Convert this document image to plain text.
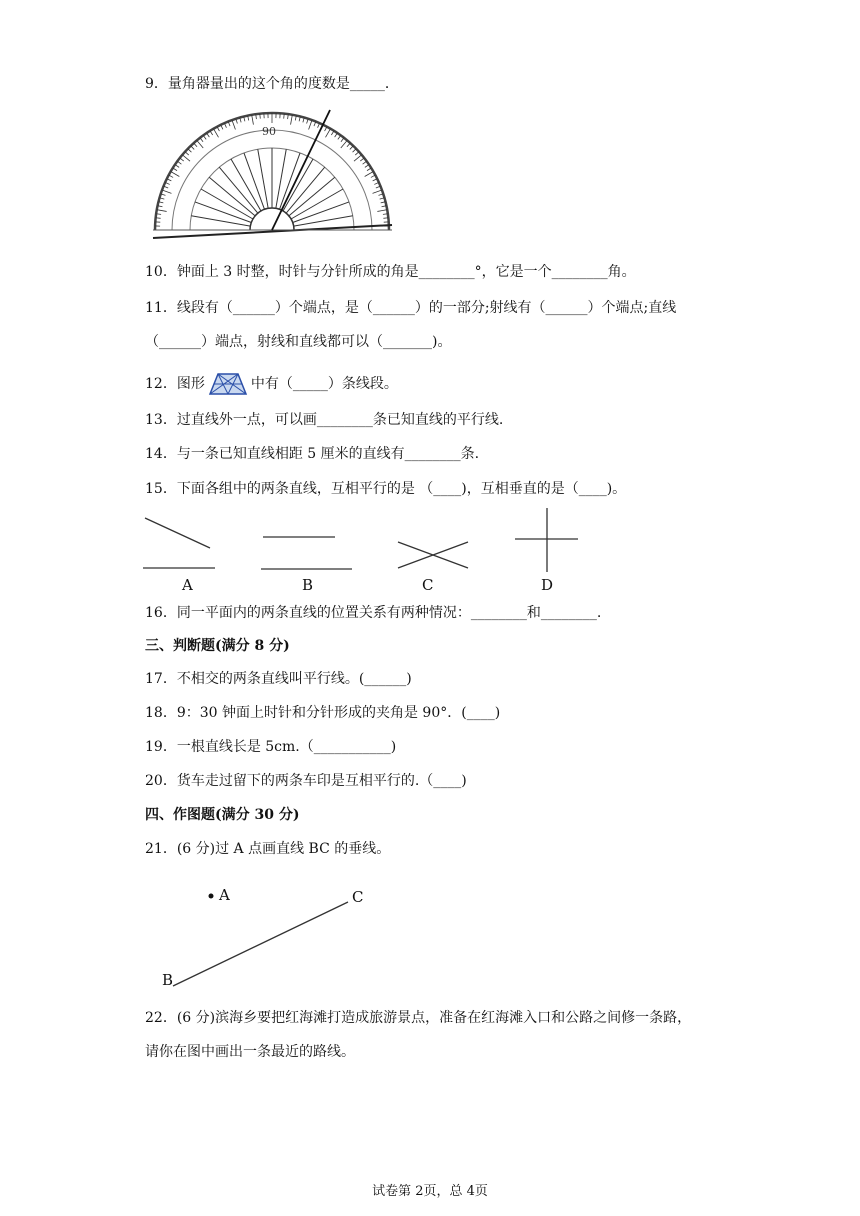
9．量角器量出的这个角的度数是_____．
90
10．钟面上 3 时整，时针与分针所成的角是________°，它是一个________角。
11．线段有（______）个端点，是（______）的一部分;射线有（______）个端点;直线
（______）端点，射线和直线都可以（_______)。
12．图形	中有（_____）条线段。
13．过直线外一点，可以画________条已知直线的平行线.
14．与一条已知直线相距 5 厘米的直线有________条.
15．下面各组中的两条直线，互相平行的是 （____)，互相垂直的是（____)。
A	B	C	D
16．同一平面内的两条直线的位置关系有两种情况：________和________.
三、判断题(满分 8 分)
17．不相交的两条直线叫平行线。(______)
18．9：30 钟面上时针和分针形成的夹角是 90°．(____)
19．一根直线长是 5cm.（___________)
20．货车走过留下的两条车印是互相平行的.（____)
四、作图题(满分 30 分)
21．(6 分)过 A 点画直线 BC 的垂线。
A	C
B
22．(6 分)滨海乡要把红海滩打造成旅游景点，准备在红海滩入口和公路之间修一条路，
请你在图中画出一条最近的路线。
试卷第 2页，总 4页
